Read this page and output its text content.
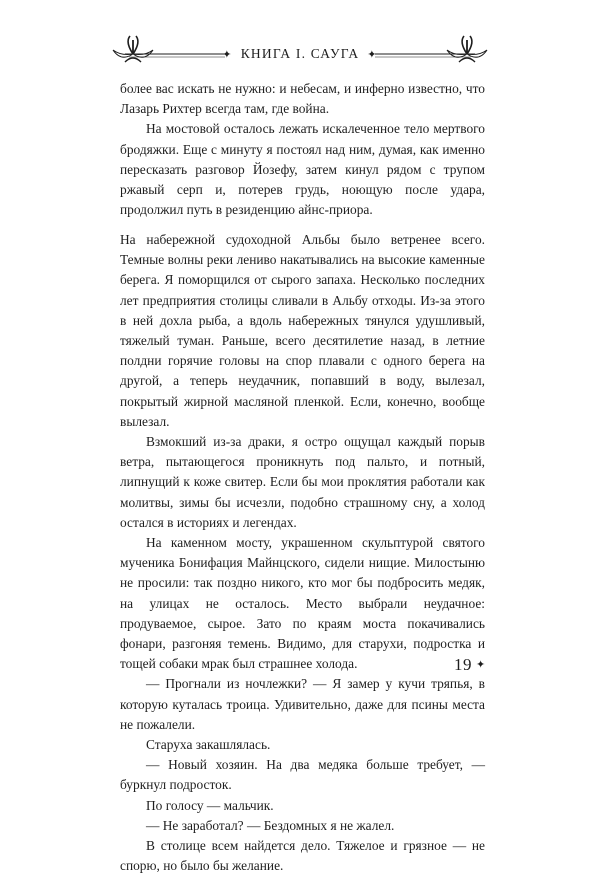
✦ КНИГА I. САУГА ✦

более вас искать не нужно: и небесам, и инферно известно, что Лазарь Рихтер всегда там, где война.

На мостовой осталось лежать искалеченное тело мертвого бродяжки. Еще с минуту я постоял над ним, думая, как именно пересказать разговор Йозефу, затем кинул рядом с трупом ржавый серп и, потерев грудь, ноющую после удара, продолжил путь в резиденцию айнс-приора.

На набережной судоходной Альбы было ветренее всего. Темные волны реки лениво накатывались на высокие каменные берега. Я поморщился от сырого запаха. Несколько последних лет предприятия столицы сливали в Альбу отходы. Из-за этого в ней дохла рыба, а вдоль набережных тянулся удушливый, тяжелый туман. Раньше, всего десятилетие назад, в летние полдни горячие головы на спор плавали с одного берега на другой, а теперь неудачник, попавший в воду, вылезал, покрытый жирной масляной пленкой. Если, конечно, вообще вылезал.

Взмокший из-за драки, я остро ощущал каждый порыв ветра, пытающегося проникнуть под пальто, и потный, липнущий к коже свитер. Если бы мои проклятия работали как молитвы, зимы бы исчезли, подобно страшному сну, а холод остался в историях и легендах.

На каменном мосту, украшенном скульптурой святого мученика Бонифация Майнцского, сидели нищие. Милостыню не просили: так поздно никого, кто мог бы подбросить медяк, на улицах не осталось. Место выбрали неудачное: продуваемое, сырое. Зато по краям моста покачивались фонари, разгоняя темень. Видимо, для старухи, подростка и тощей собаки мрак был страшнее холода.

— Прогнали из ночлежки? — Я замер у кучи тряпья, в которую куталась троица. Удивительно, даже для псины места не пожалели.

Старуха закашлялась.

— Новый хозяин. На два медяка больше требует, — буркнул подросток.

По голосу — мальчик.

— Не заработал? — Бездомных я не жалел.

В столице всем найдется дело. Тяжелое и грязное — не спорю, но было бы желание.

19 ✦
